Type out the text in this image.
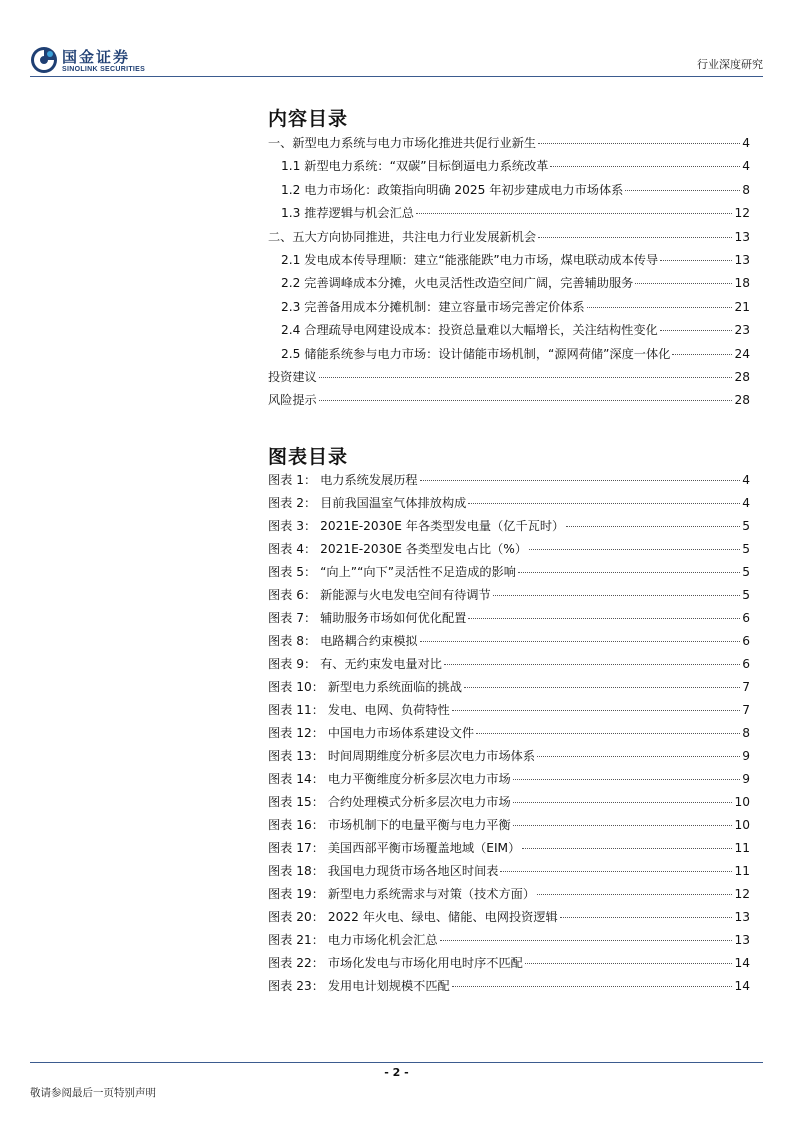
国金证券
SINOLINK SECURITIES	行业深度研究
内容目录
一、新型电力系统与电力市场化推进共促行业新生	4
1.1 新型电力系统：“双碳”目标倒逼电力系统改革	4
1.2 电力市场化：政策指向明确 2025 年初步建成电力市场体系	8
1.3 推荐逻辑与机会汇总	12
二、五大方向协同推进，共注电力行业发展新机会	13
2.1 发电成本传导理顺：建立“能涨能跌”电力市场，煤电联动成本传导	13
2.2 完善调峰成本分摊，火电灵活性改造空间广阔，完善辅助服务	18
2.3 完善备用成本分摊机制：建立容量市场完善定价体系	21
2.4 合理疏导电网建设成本：投资总量难以大幅增长，关注结构性变化	23
2.5 储能系统参与电力市场：设计储能市场机制，“源网荷储”深度一体化	24
投资建议	28
风险提示	28
图表目录
图表 1： 电力系统发展历程	4
图表 2： 目前我国温室气体排放构成	4
图表 3： 2021E-2030E 年各类型发电量（亿千瓦时）	5
图表 4： 2021E-2030E 各类型发电占比（%）	5
图表 5： “向上”“向下”灵活性不足造成的影响	5
图表 6： 新能源与火电发电空间有待调节	5
图表 7： 辅助服务市场如何优化配置	6
图表 8： 电路耦合约束模拟	6
图表 9： 有、无约束发电量对比	6
图表 10： 新型电力系统面临的挑战	7
图表 11： 发电、电网、负荷特性	7
图表 12： 中国电力市场体系建设文件	8
图表 13： 时间周期维度分析多层次电力市场体系	9
图表 14： 电力平衡维度分析多层次电力市场	9
图表 15： 合约处理模式分析多层次电力市场	10
图表 16： 市场机制下的电量平衡与电力平衡	10
图表 17： 美国西部平衡市场覆盖地域（EIM）	11
图表 18： 我国电力现货市场各地区时间表	11
图表 19： 新型电力系统需求与对策（技术方面）	12
图表 20： 2022 年火电、绿电、储能、电网投资逻辑	13
图表 21： 电力市场化机会汇总	13
图表 22： 市场化发电与市场化用电时序不匹配	14
图表 23： 发用电计划规模不匹配	14
- 2 -
敬请参阅最后一页特别声明
